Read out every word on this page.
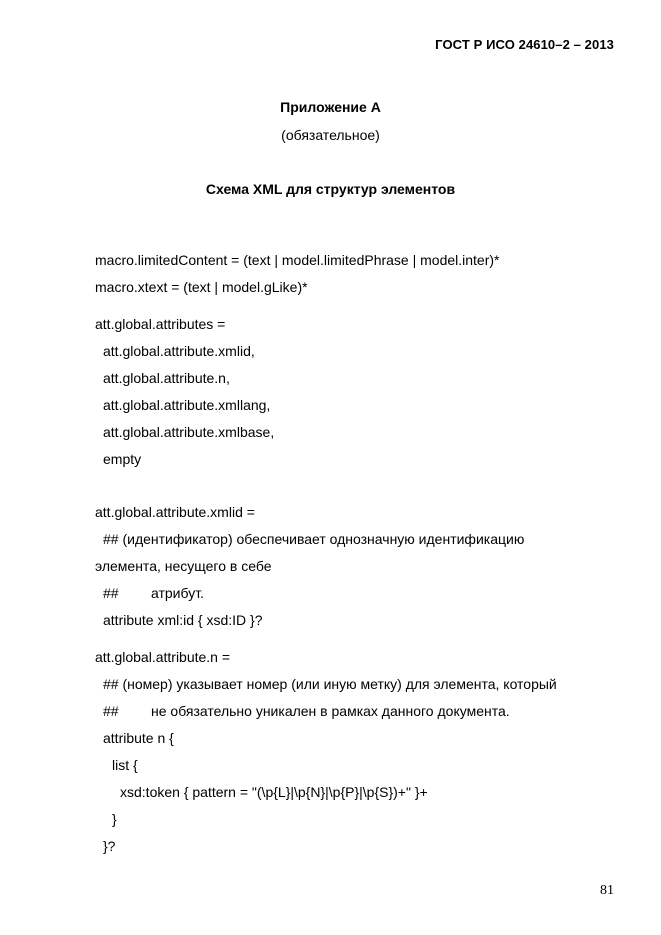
ГОСТ Р ИСО 24610–2 – 2013
Приложение А
(обязательное)
Схема XML для структур элементов
macro.limitedContent = (text | model.limitedPhrase | model.inter)*
macro.xtext = (text | model.gLike)*
att.global.attributes =
att.global.attribute.xmlid,
att.global.attribute.n,
att.global.attribute.xmllang,
att.global.attribute.xmlbase,
empty
att.global.attribute.xmlid =
## (идентификатор) обеспечивает однозначную идентификацию
элемента, несущего в себе
## атрибут.
attribute xml:id { xsd:ID }?
att.global.attribute.n =
## (номер) указывает номер (или иную метку) для элемента, который
## не обязательно уникален в рамках данного документа.
attribute n {
list {
xsd:token { pattern = "(\p{L}|\p{N}|\p{P}|\p{S})+" }+
}
}?
81
